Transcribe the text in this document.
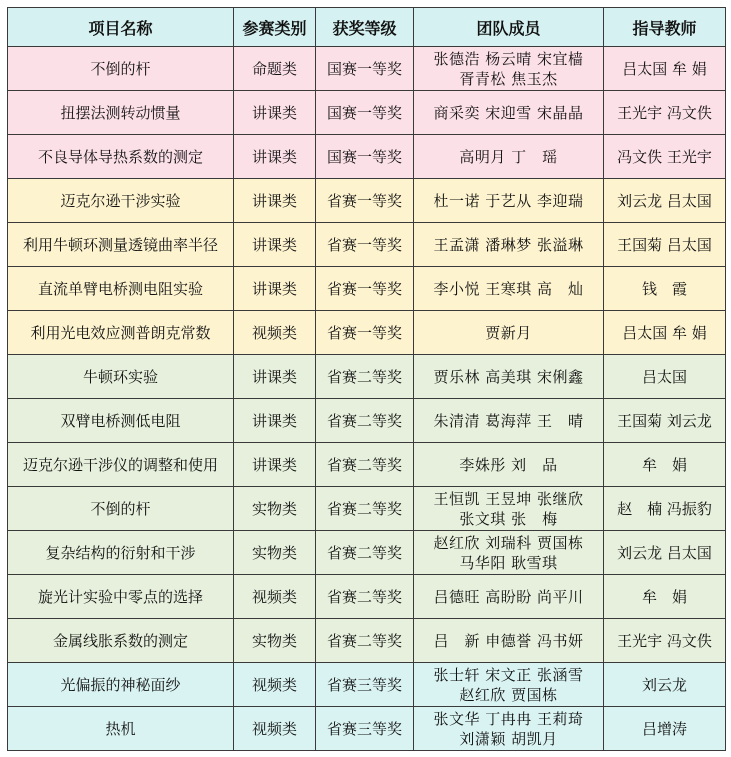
项目名称	参赛类别	获奖等级	团队成员	指导教师
不倒的杆	命题类	国赛一等奖	张德浩 杨云晴 宋宜樯
胥青松 焦玉杰	吕太国 牟 娟

扭摆法测转动惯量	讲课类	国赛一等奖	商采奕 宋迎雪 宋晶晶	王光宇 冯文佚

不良导体导热系数的测定	讲课类	国赛一等奖	高明月 丁　瑶	冯文佚 王光宇

迈克尔逊干涉实验	讲课类	省赛一等奖	杜一诺 于艺从 李迎瑞	刘云龙 吕太国

利用牛顿环测量透镜曲率半径	讲课类	省赛一等奖	王孟潇 潘琳梦 张溢琳	王国菊 吕太国

直流单臂电桥测电阻实验	讲课类	省赛一等奖	李小悦 王寒琪 高　灿	钱　霞

利用光电效应测普朗克常数	视频类	省赛一等奖	贾新月	吕太国 牟 娟

牛顿环实验	讲课类	省赛二等奖	贾乐林 高美琪 宋俐鑫	吕太国

双臂电桥测低电阻	讲课类	省赛二等奖	朱清清 葛海萍 王　晴	王国菊 刘云龙

迈克尔逊干涉仪的调整和使用	讲课类	省赛二等奖	李姝彤 刘　品	牟　娟

不倒的杆	实物类	省赛二等奖	王恒凯 王昱坤 张继欣
张文琪 张　梅	赵　楠 冯振豹

复杂结构的衍射和干涉	实物类	省赛二等奖	赵红欣 刘瑞科 贾国栋
马华阳 耿雪琪	刘云龙 吕太国

旋光计实验中零点的选择	视频类	省赛二等奖	吕德旺 高盼盼 尚平川	牟　娟

金属线胀系数的测定	实物类	省赛二等奖	吕　新 申德誉 冯书妍	王光宇 冯文佚

光偏振的神秘面纱	视频类	省赛三等奖	张士轩 宋文正 张涵雪
赵红欣 贾国栋	刘云龙

热机	视频类	省赛三等奖	张文华 丁冉冉 王莉琦
刘潇颖 胡凯月	吕增涛
